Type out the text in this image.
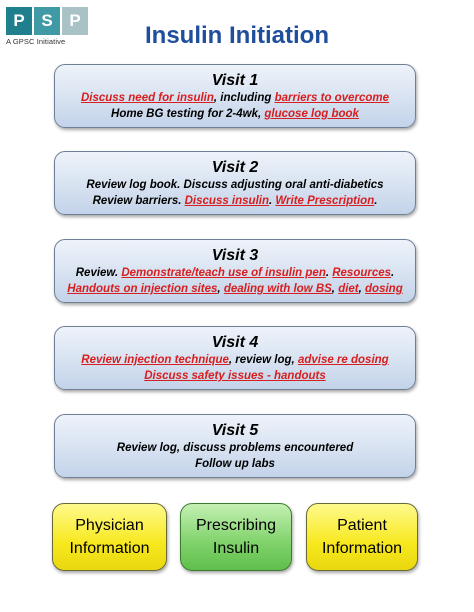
P S P
A GPSC Initiative	Insulin Initiation
Visit 1
Discuss need for insulin, including barriers to overcome
Home BG testing for 2-4wk, glucose log book
Visit 2
Review log book. Discuss adjusting oral anti-diabetics
Review barriers. Discuss insulin. Write Prescription.
Visit 3
Review. Demonstrate/teach use of insulin pen. Resources.
Handouts on injection sites, dealing with low BS, diet, dosing
Visit 4
Review injection technique, review log, advise re dosing
Discuss safety issues - handouts
Visit 5
Review log, discuss problems encountered
Follow up labs
Physician
Information
Prescribing
Insulin
Patient
Information
